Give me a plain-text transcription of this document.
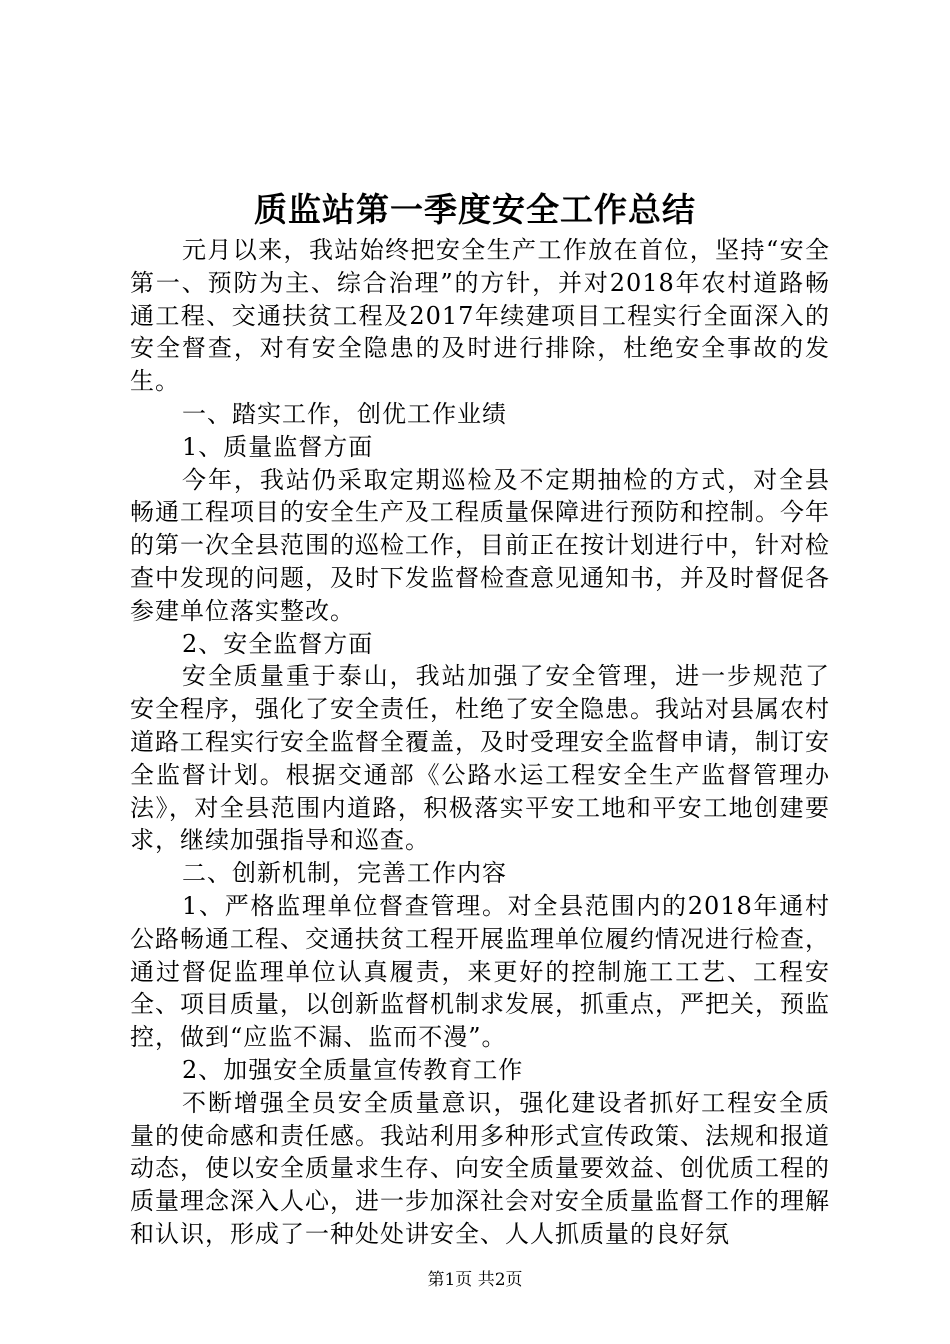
质监站第一季度安全工作总结

元月以来，我站始终把安全生产工作放在首位，坚持“安全第一、预防为主、综合治理”的方针，并对2018年农村道路畅通工程、交通扶贫工程及2017年续建项目工程实行全面深入的安全督查，对有安全隐患的及时进行排除，杜绝安全事故的发生。

一、踏实工作，创优工作业绩

1、质量监督方面

今年，我站仍采取定期巡检及不定期抽检的方式，对全县畅通工程项目的安全生产及工程质量保障进行预防和控制。今年的第一次全县范围的巡检工作，目前正在按计划进行中，针对检查中发现的问题，及时下发监督检查意见通知书，并及时督促各参建单位落实整改。

2、安全监督方面

安全质量重于泰山，我站加强了安全管理，进一步规范了安全程序，强化了安全责任，杜绝了安全隐患。我站对县属农村道路工程实行安全监督全覆盖，及时受理安全监督申请，制订安全监督计划。根据交通部《公路水运工程安全生产监督管理办法》，对全县范围内道路，积极落实平安工地和平安工地创建要求，继续加强指导和巡查。

二、创新机制，完善工作内容

1、严格监理单位督查管理。对全县范围内的2018年通村公路畅通工程、交通扶贫工程开展监理单位履约情况进行检查，通过督促监理单位认真履责，来更好的控制施工工艺、工程安全、项目质量，以创新监督机制求发展，抓重点，严把关，预监控，做到“应监不漏、监而不漫”。

2、加强安全质量宣传教育工作

不断增强全员安全质量意识，强化建设者抓好工程安全质量的使命感和责任感。我站利用多种形式宣传政策、法规和报道动态，使以安全质量求生存、向安全质量要效益、创优质工程的质量理念深入人心，进一步加深社会对安全质量监督工作的理解和认识，形成了一种处处讲安全、人人抓质量的良好氛

第1页 共2页
